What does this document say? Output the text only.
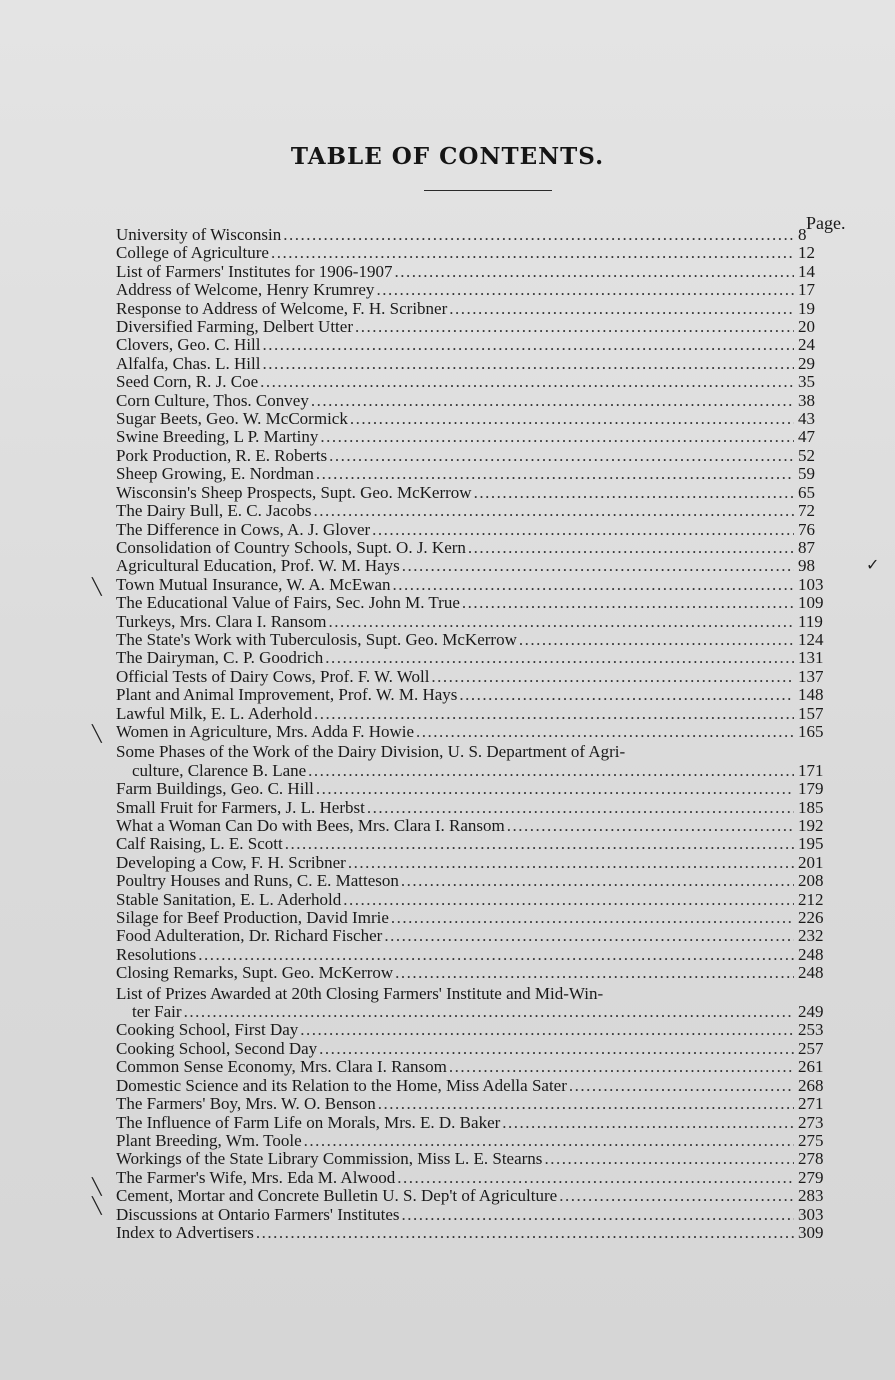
TABLE OF CONTENTS.
Page.
University of Wisconsin .....	8
College of Agriculture .....	12
List of Farmers' Institutes for 1906-1907 .....	14
Address of Welcome, Henry Krumrey .....	17
Response to Address of Welcome, F. H. Scribner .....	19
Diversified Farming, Delbert Utter .....	20
Clovers, Geo. C. Hill .....	24
Alfalfa, Chas. L. Hill .....	29
Seed Corn, R. J. Coe .....	35
Corn Culture, Thos. Convey .....	38
Sugar Beets, Geo. W. McCormick .....	43
Swine Breeding, L P. Martiny .....	47
Pork Production, R. E. Roberts .....	52
Sheep Growing, E. Nordman .....	59
Wisconsin's Sheep Prospects, Supt. Geo. McKerrow .....	65
The Dairy Bull, E. C. Jacobs .....	72
The Difference in Cows, A. J. Glover .....	76
Consolidation of Country Schools, Supt. O. J. Kern .....	87
Agricultural Education, Prof. W. M. Hays .....	98
Town Mutual Insurance, W. A. McEwan .....	103
The Educational Value of Fairs, Sec. John M. True .....	109
Turkeys, Mrs. Clara I. Ransom .....	119
The State's Work with Tuberculosis, Supt. Geo. McKerrow .....	124
The Dairyman, C. P. Goodrich .....	131
Official Tests of Dairy Cows, Prof. F. W. Woll .....	137
Plant and Animal Improvement, Prof. W. M. Hays .....	148
Lawful Milk, E. L. Aderhold .....	157
Women in Agriculture, Mrs. Adda F. Howie .....	165
Some Phases of the Work of the Dairy Division, U. S. Department of Agri-
culture, Clarence B. Lane .....	171
Farm Buildings, Geo. C. Hill .....	179
Small Fruit for Farmers, J. L. Herbst .....	185
What a Woman Can Do with Bees, Mrs. Clara I. Ransom .....	192
Calf Raising, L. E. Scott .....	195
Developing a Cow, F. H. Scribner .....	201
Poultry Houses and Runs, C. E. Matteson .....	208
Stable Sanitation, E. L. Aderhold .....	212
Silage for Beef Production, David Imrie .....	226
Food Adulteration, Dr. Richard Fischer .....	232
Resolutions .....	248
Closing Remarks, Supt. Geo. McKerrow .....	248
List of Prizes Awarded at 20th Closing Farmers' Institute and Mid-Win-
ter Fair .....	249
Cooking School, First Day .....	253
Cooking School, Second Day .....	257
Common Sense Economy, Mrs. Clara I. Ransom .....	261
Domestic Science and its Relation to the Home, Miss Adella Sater .....	268
The Farmers' Boy, Mrs. W. O. Benson .....	271
The Influence of Farm Life on Morals, Mrs. E. D. Baker .....	273
Plant Breeding, Wm. Toole .....	275
Workings of the State Library Commission, Miss L. E. Stearns .....	278
The Farmer's Wife, Mrs. Eda M. Alwood .....	279
Cement, Mortar and Concrete Bulletin U. S. Dep't of Agriculture .....	283
Discussions at Ontario Farmers' Institutes .....	303
Index to Advertisers .....	309
╲
╲
╲
╲
✓
